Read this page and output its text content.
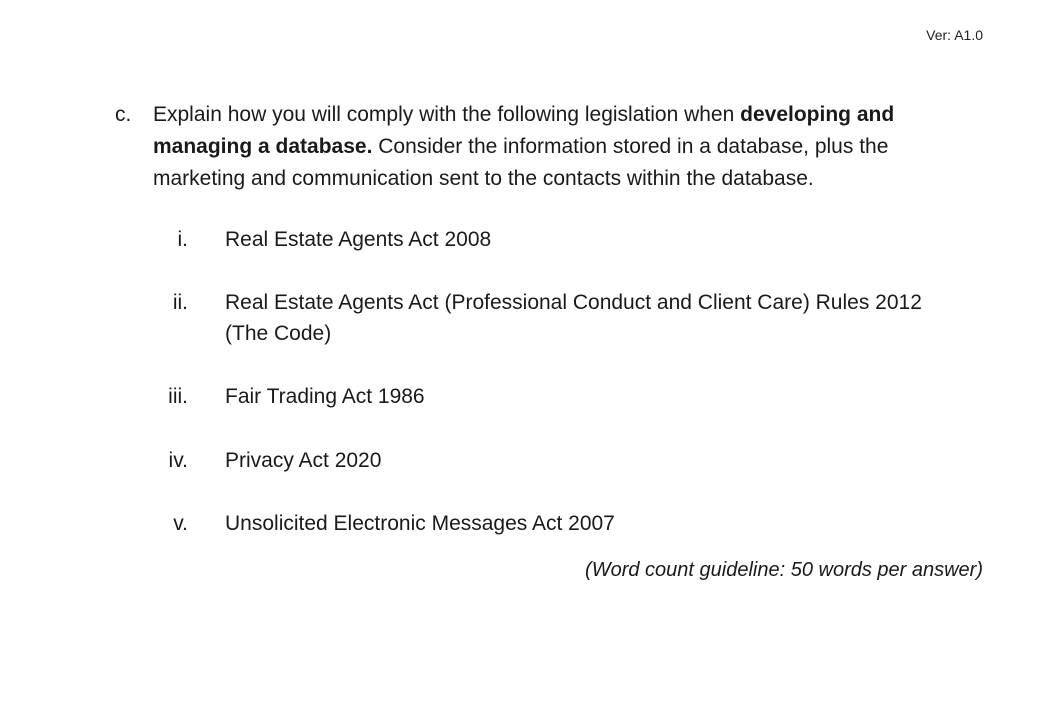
Ver: A1.0
c. Explain how you will comply with the following legislation when developing and managing a database. Consider the information stored in a database, plus the marketing and communication sent to the contacts within the database.
i. Real Estate Agents Act 2008
ii. Real Estate Agents Act (Professional Conduct and Client Care) Rules 2012 (The Code)
iii. Fair Trading Act 1986
iv. Privacy Act 2020
v. Unsolicited Electronic Messages Act 2007
(Word count guideline: 50 words per answer)
